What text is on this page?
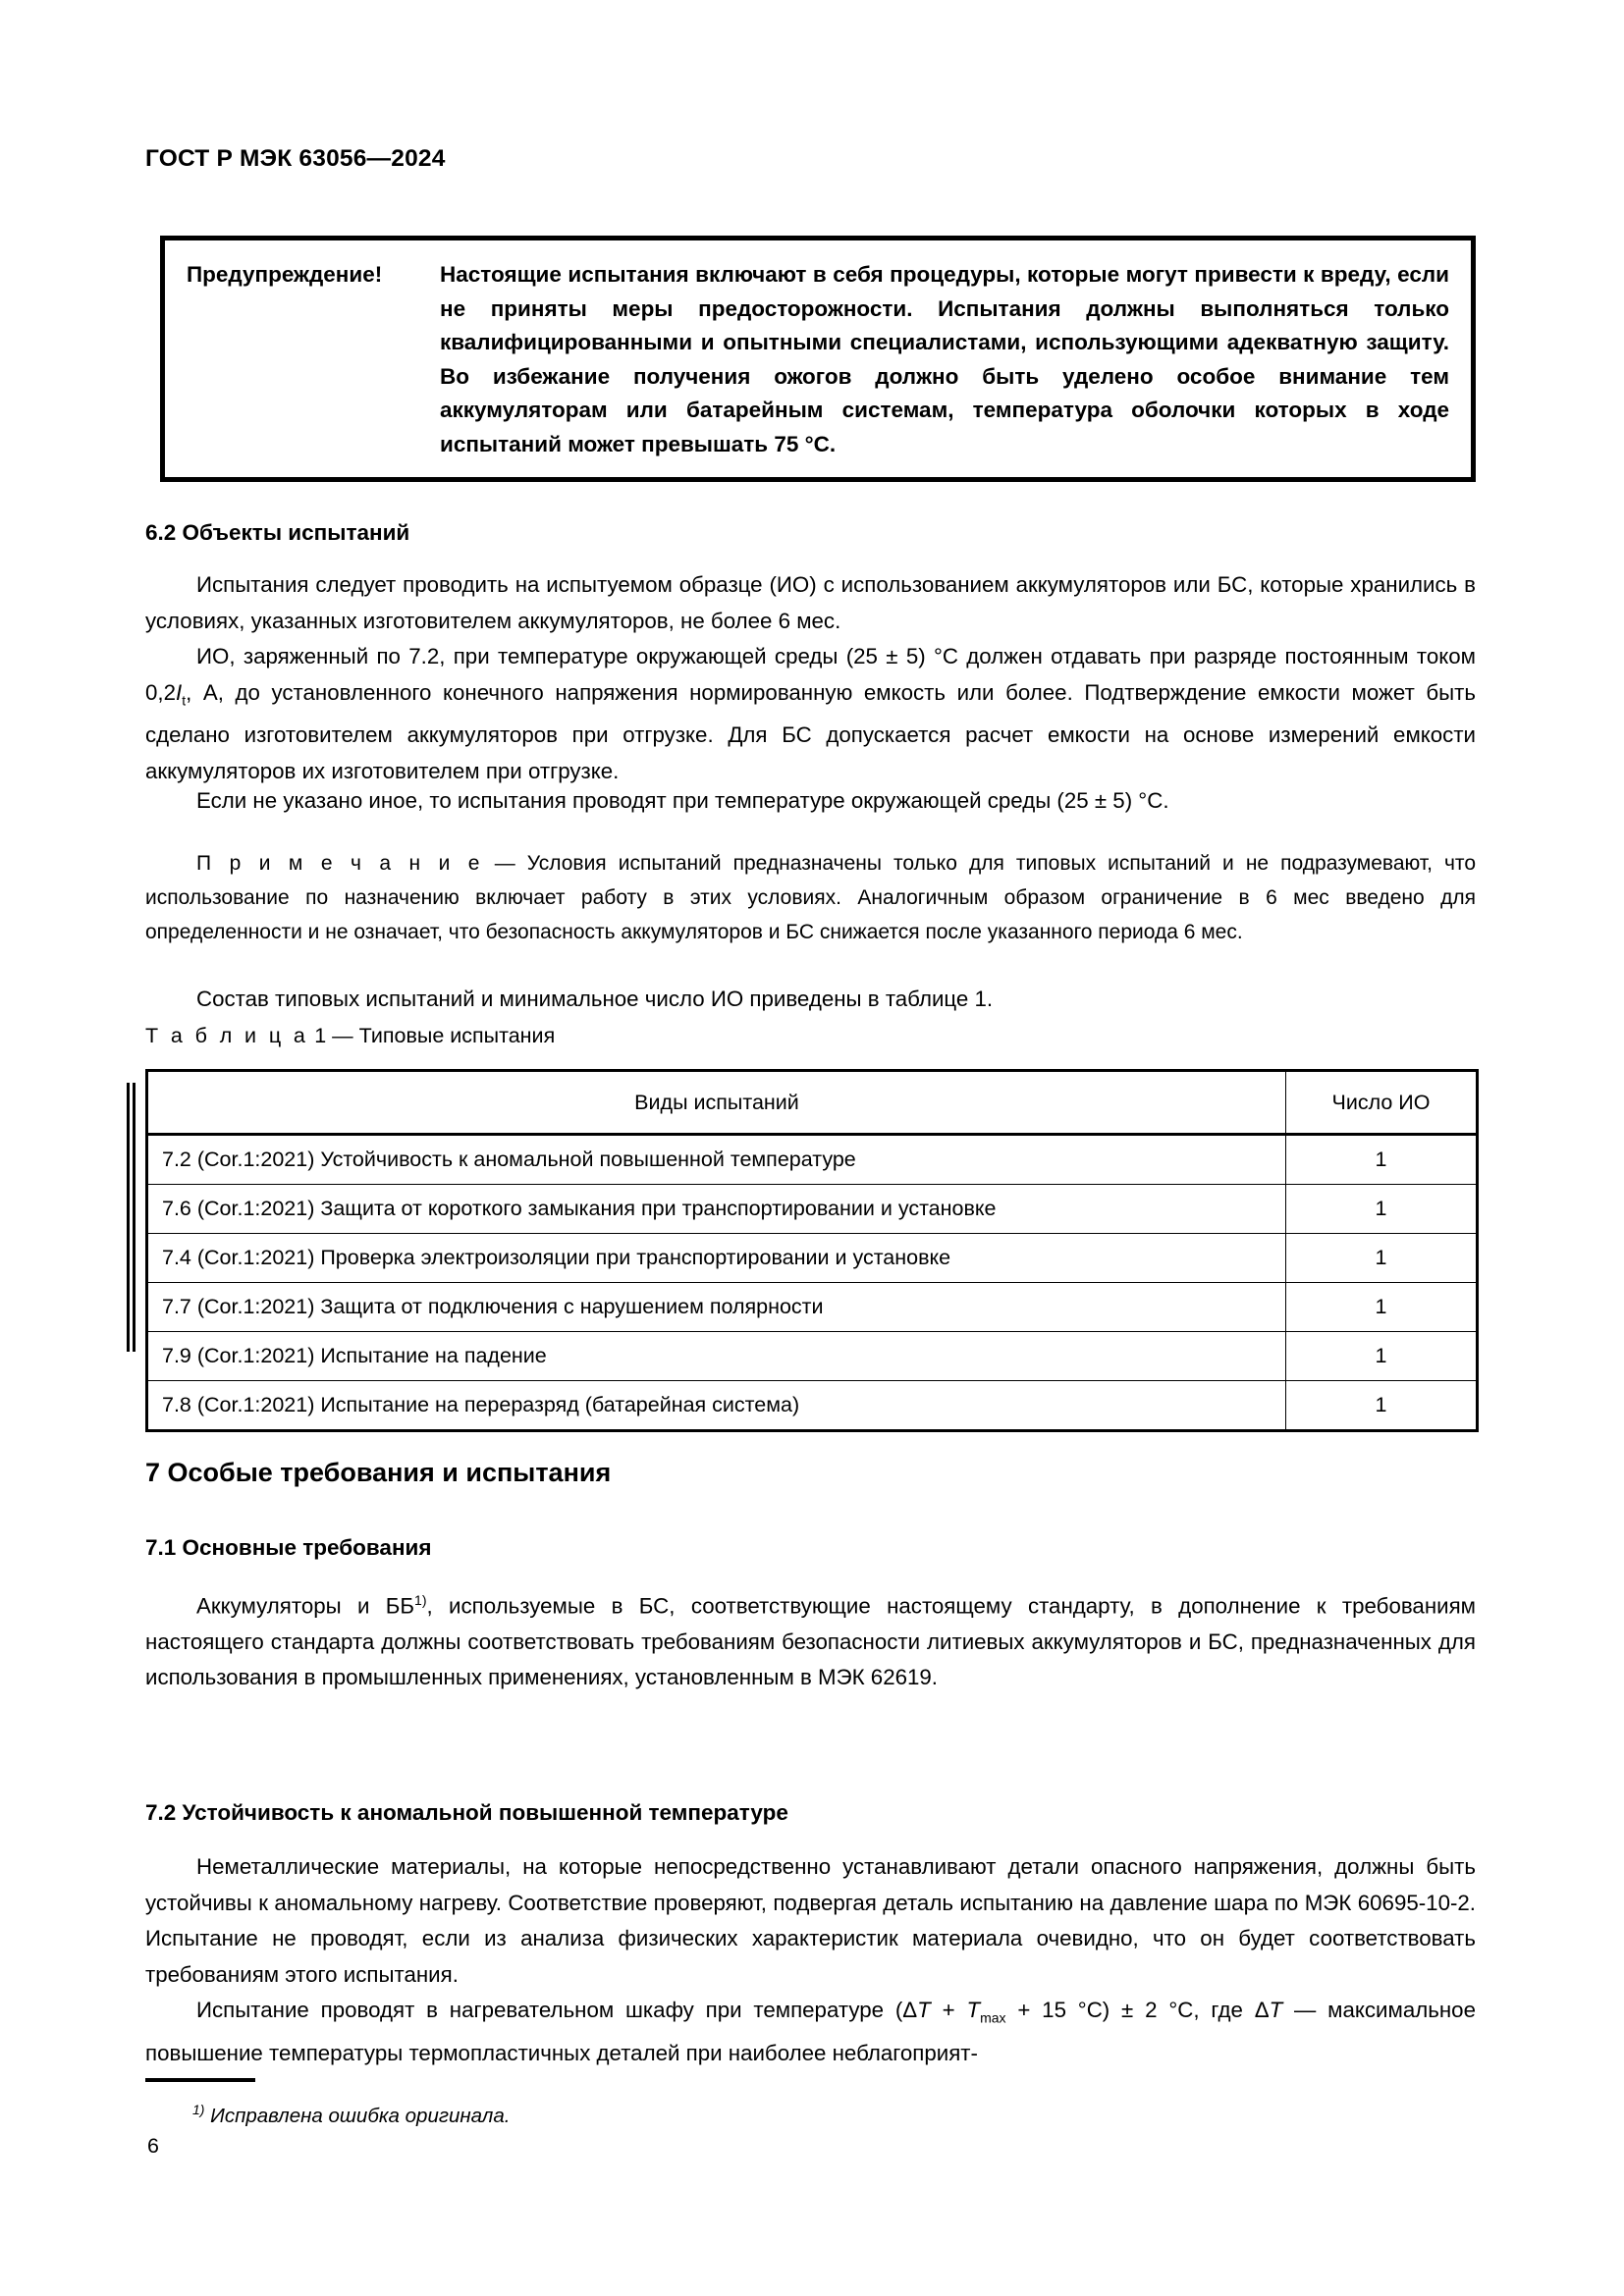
ГОСТ Р МЭК 63056—2024
Предупреждение!	Настоящие испытания включают в себя процедуры, которые могут привести к вреду, если не приняты меры предосторожности. Испытания должны выполняться только квалифицированными и опытными специалистами, использующими адекватную защиту. Во избежание получения ожогов должно быть уделено особое внимание тем аккумуляторам или батарейным системам, температура оболочки которых в ходе испытаний может превышать 75 °C.
6.2 Объекты испытаний

Испытания следует проводить на испытуемом образце (ИО) с использованием аккумуляторов или БС, которые хранились в условиях, указанных изготовителем аккумуляторов, не более 6 мес.

ИО, заряженный по 7.2, при температуре окружающей среды (25 ± 5) °C должен отдавать при разряде постоянным током $0,2I_t$, А, до установленного конечного напряжения нормированную емкость или более. Подтверждение емкости может быть сделано изготовителем аккумуляторов при отгрузке. Для БС допускается расчет емкости на основе измерений емкости аккумуляторов их изготовителем при отгрузке.

Если не указано иное, то испытания проводят при температуре окружающей среды (25 ± 5) °C.

П р и м е ч а н и е — Условия испытаний предназначены только для типовых испытаний и не подразумевают, что использование по назначению включает работу в этих условиях. Аналогичным образом ограничение в 6 мес введено для определенности и не означает, что безопасность аккумуляторов и БС снижается после указанного периода 6 мес.

Состав типовых испытаний и минимальное число ИО приведены в таблице 1.

Т а б л и ц а 1 — Типовые испытания

Виды испытаний	Число ИО
7.2 (Cor.1:2021) Устойчивость к аномальной повышенной температуре	1
7.6 (Cor.1:2021) Защита от короткого замыкания при транспортировании и установке	1
7.4 (Cor.1:2021) Проверка электроизоляции при транспортировании и установке	1
7.7 (Cor.1:2021) Защита от подключения с нарушением полярности	1
7.9 (Cor.1:2021) Испытание на падение	1
7.8 (Cor.1:2021) Испытание на переразряд (батарейная система)	1
7 Особые требования и испытания
7.1 Основные требования

Аккумуляторы и ББ$^{1)}$, используемые в БС, соответствующие настоящему стандарту, в дополнение к требованиям настоящего стандарта должны соответствовать требованиям безопасности литиевых аккумуляторов и БС, предназначенных для использования в промышленных применениях, установленным в МЭК 62619.

7.2 Устойчивость к аномальной повышенной температуре

Неметаллические материалы, на которые непосредственно устанавливают детали опасного напряжения, должны быть устойчивы к аномальному нагреву. Соответствие проверяют, подвергая деталь испытанию на давление шара по МЭК 60695-10-2. Испытание не проводят, если из анализа физических характеристик материала очевидно, что он будет соответствовать требованиям этого испытания.

Испытание проводят в нагревательном шкафу при температуре ($\Delta T + T_{max} + 15$ °C) ± 2 °C, где ΔT — максимальное повышение температуры термопластичных деталей при наиболее неблагоприят-

$^{1)}$ Исправлена ошибка оригинала.
6
